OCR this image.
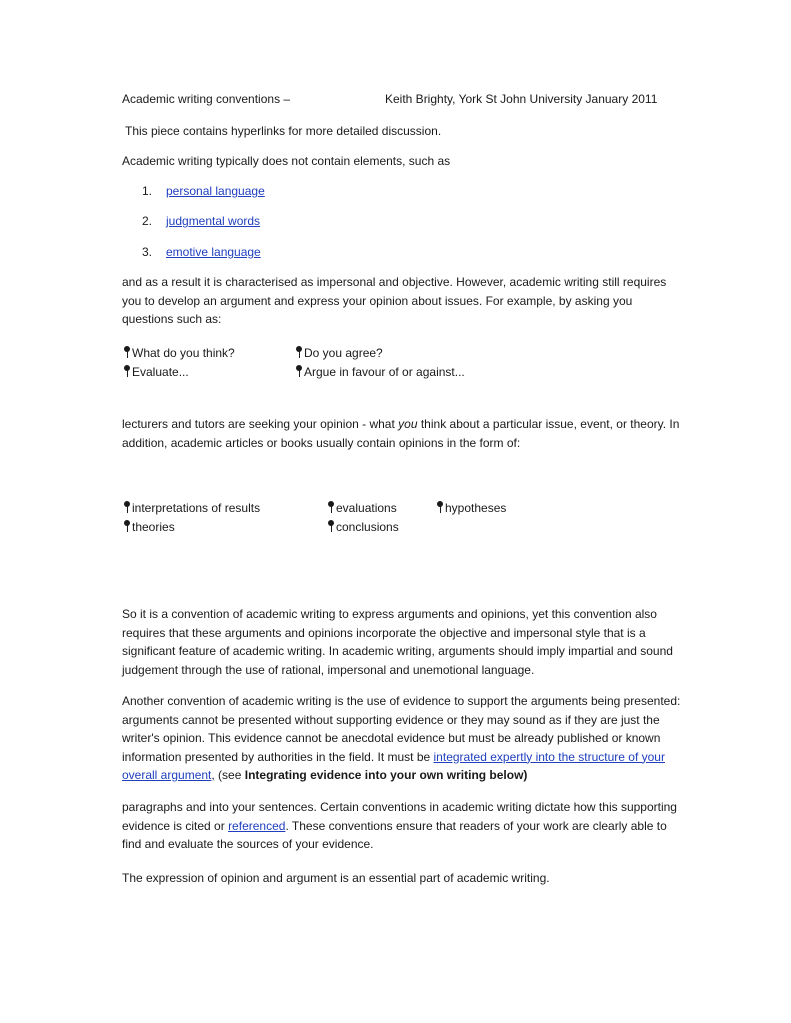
Academic writing conventions –	Keith Brighty, York St John University January 2011
This piece contains hyperlinks for more detailed discussion.
Academic writing typically does not contain elements, such as
1. personal language
2. judgmental words
3. emotive language
and as a result it is characterised as impersonal and objective. However, academic writing still requires you to develop an argument and express your opinion about issues. For example, by asking you questions such as:
What do you think?	Do you agree?
Evaluate...	Argue in favour of or against...
lecturers and tutors are seeking your opinion - what you think about a particular issue, event, or theory. In addition, academic articles or books usually contain opinions in the form of:
interpretations of results	evaluations	hypotheses
theories	conclusions
So it is a convention of academic writing to express arguments and opinions, yet this convention also requires that these arguments and opinions incorporate the objective and impersonal style that is a significant feature of academic writing. In academic writing, arguments should imply impartial and sound judgement through the use of rational, impersonal and unemotional language.
Another convention of academic writing is the use of evidence to support the arguments being presented: arguments cannot be presented without supporting evidence or they may sound as if they are just the writer's opinion. This evidence cannot be anecdotal evidence but must be already published or known information presented by authorities in the field. It must be integrated expertly into the structure of your overall argument, (see Integrating evidence into your own writing below)
paragraphs and into your sentences. Certain conventions in academic writing dictate how this supporting evidence is cited or referenced. These conventions ensure that readers of your work are clearly able to find and evaluate the sources of your evidence.
The expression of opinion and argument is an essential part of academic writing.
